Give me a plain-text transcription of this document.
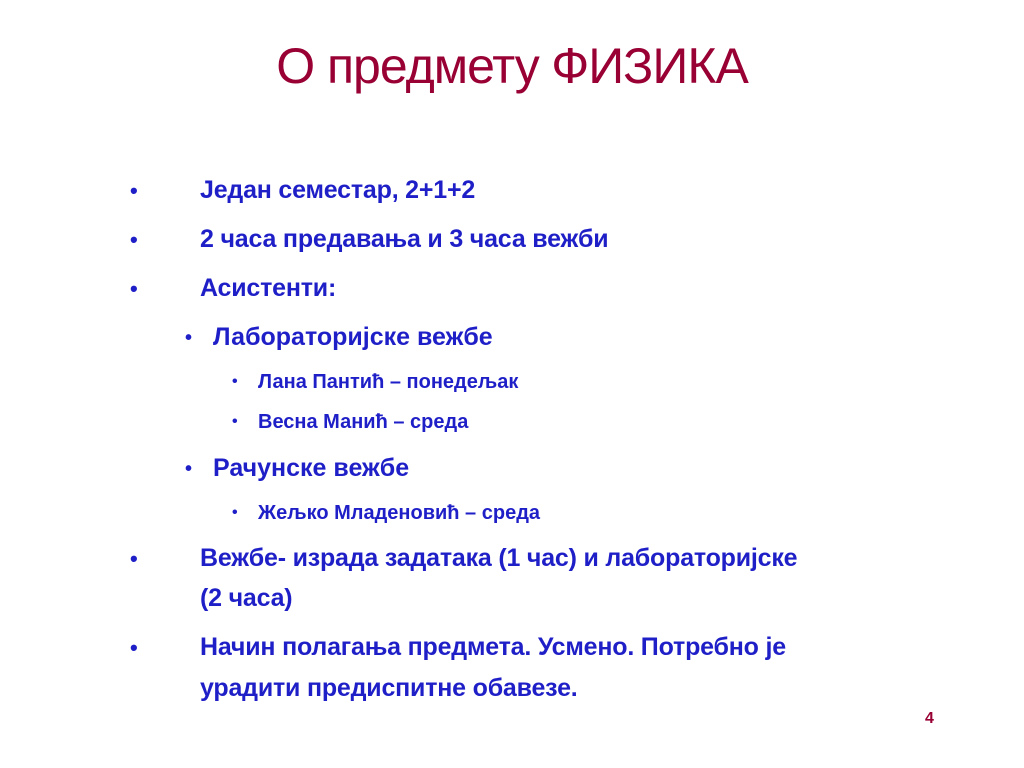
О предмету ФИЗИКА
• Један семестар, 2+1+2
• 2 часа предавања и 3 часа вежби
• Асистенти:
• Лабораторијске вежбе
• Лана Пантић – понедељак
• Весна Манић – среда
• Рачунске вежбе
• Жељко Младеновић – среда
• Вежбе- израда задатака (1 час) и лабораторијске
(2 часа)
• Начин полагања предмета. Усмено. Потребно је
урадити предиспитне обавезе.
4
